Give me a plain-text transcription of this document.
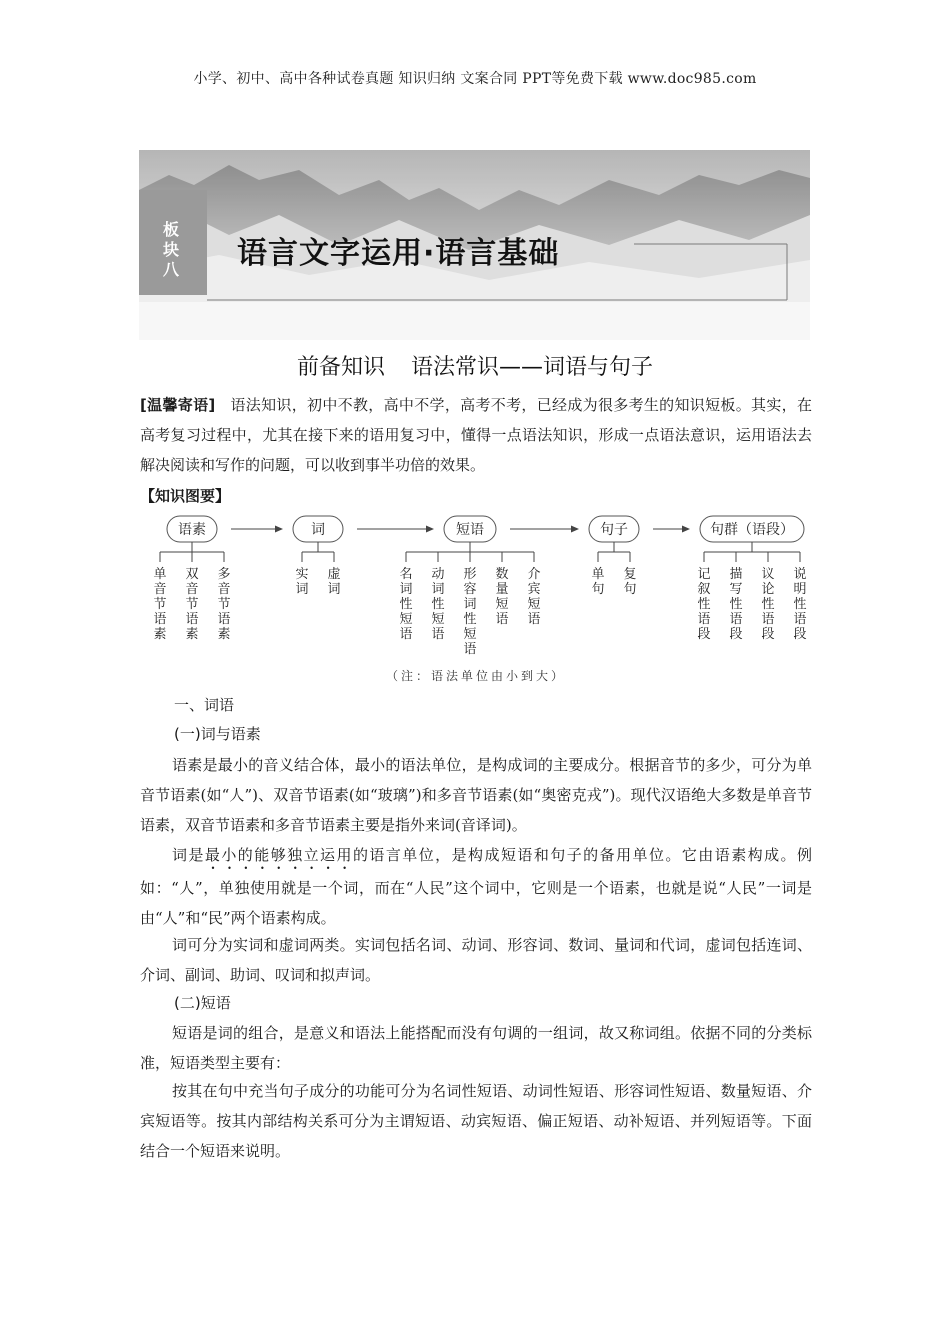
小学、初中、高中各种试卷真题 知识归纳 文案合同 PPT等免费下载 www.doc985.com
板块八 语言文字运用·语言基础
前备知识 语法常识——词语与句子
[温馨寄语] 语法知识，初中不教，高中不学，高考不考，已经成为很多考生的知识短板。其实，在高考复习过程中，尤其在接下来的语用复习中，懂得一点语法知识，形成一点语法意识，运用语法去解决阅读和写作的问题，可以收到事半功倍的效果。
【知识图要】
语素
单音节语素
双音节语素
多音节语素
词
实词
虚词
短语
名词性短语
动词性短语
形容词性短语
数量短语
介宾短语
句子
单句
复句
句群（语段）
记叙性语段
描写性语段
议论性语段
说明性语段
（注：语法单位由小到大）
一、词语
(一)词与语素
语素是最小的音义结合体，最小的语法单位，是构成词的主要成分。根据音节的多少，可分为单音节语素(如“人”)、双音节语素(如“玻璃”)和多音节语素(如“奥密克戎”)。现代汉语绝大多数是单音节语素，双音节语素和多音节语素主要是指外来词(音译词)。
词是最小的能够独立运用的语言单位，是构成短语和句子的备用单位。它由语素构成。例如：“人”，单独使用就是一个词，而在“人民”这个词中，它则是一个语素，也就是说“人民”一词是由“人”和“民”两个语素构成。
词可分为实词和虚词两类。实词包括名词、动词、形容词、数词、量词和代词，虚词包括连词、介词、副词、助词、叹词和拟声词。
(二)短语
短语是词的组合，是意义和语法上能搭配而没有句调的一组词，故又称词组。依据不同的分类标准，短语类型主要有：
按其在句中充当句子成分的功能可分为名词性短语、动词性短语、形容词性短语、数量短语、介宾短语等。按其内部结构关系可分为主谓短语、动宾短语、偏正短语、动补短语、并列短语等。下面结合一个短语来说明。
